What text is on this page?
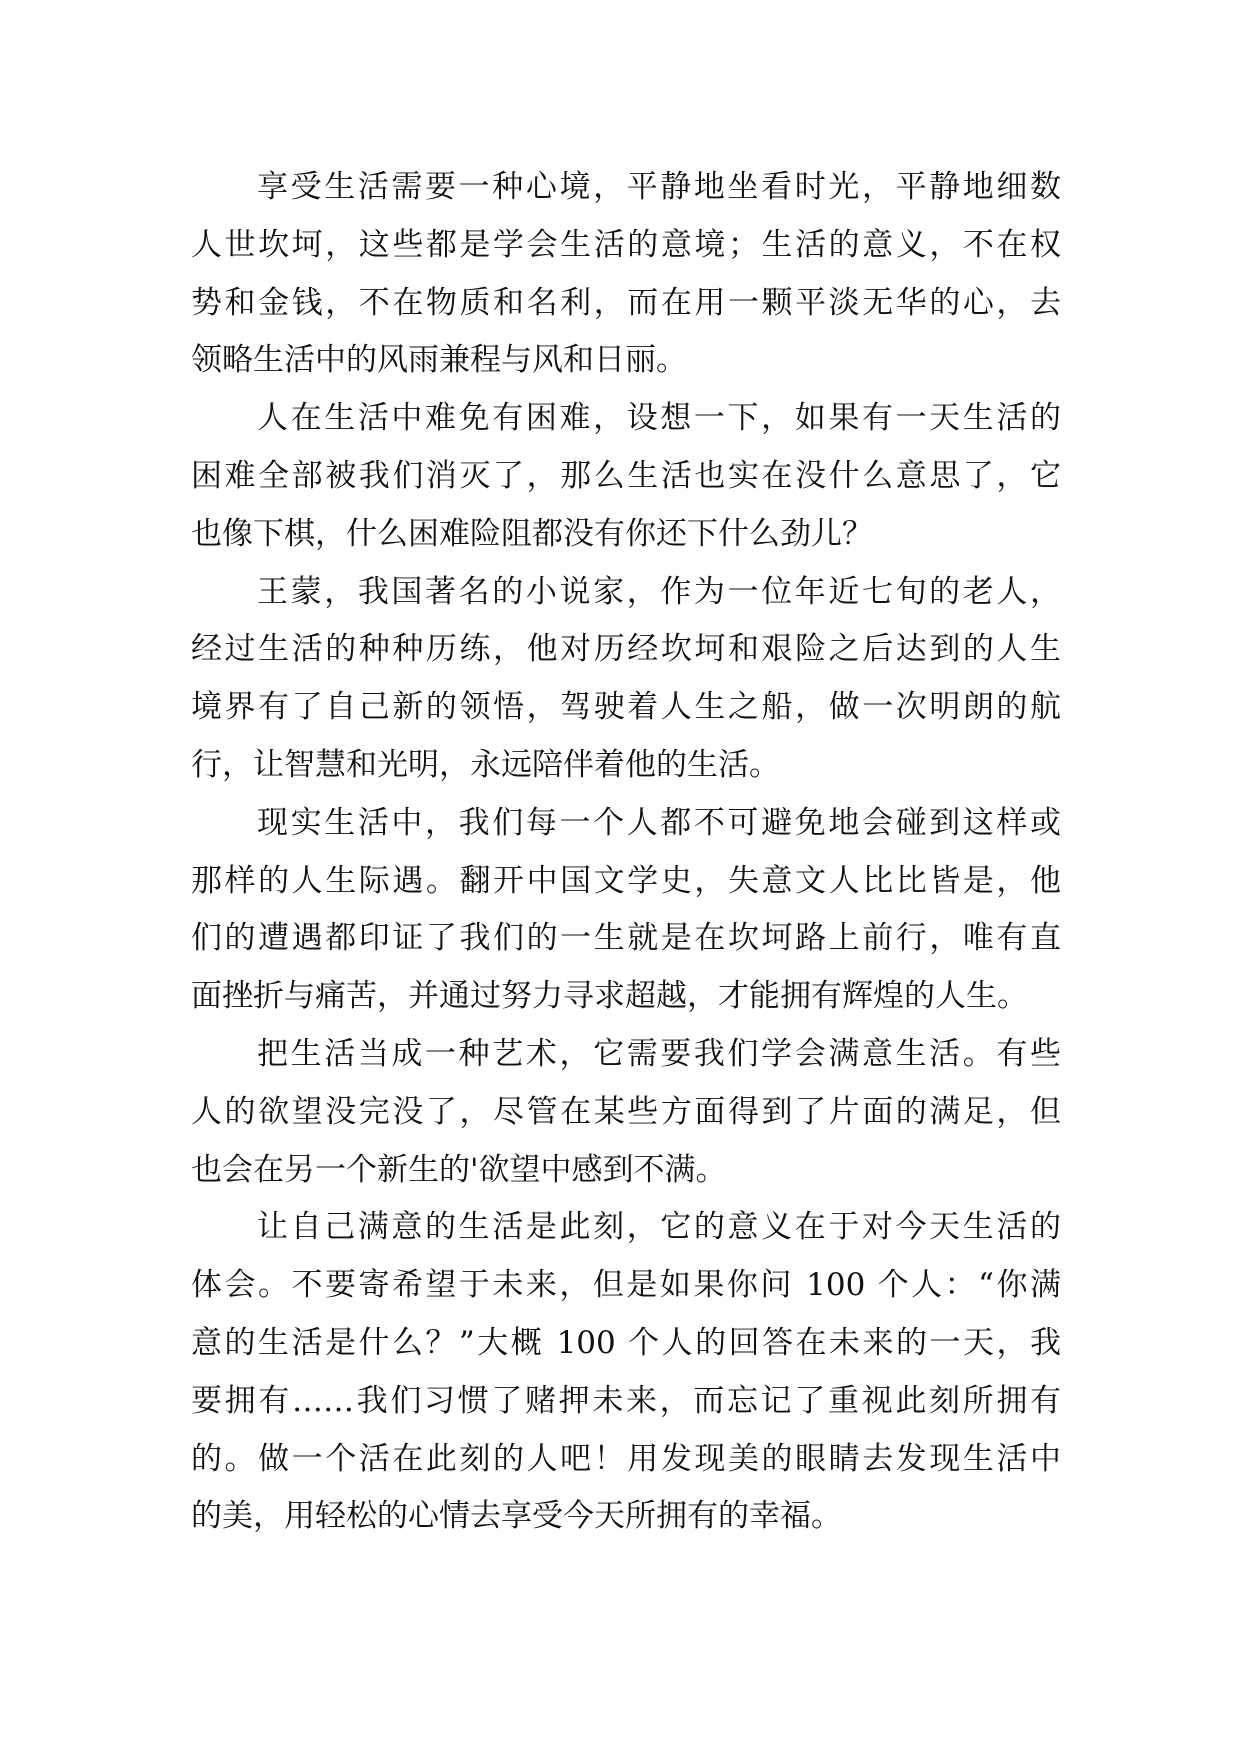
享受生活需要一种心境，平静地坐看时光，平静地细数
人世坎坷，这些都是学会生活的意境；生活的意义，不在权
势和金钱，不在物质和名利，而在用一颗平淡无华的心，去
领略生活中的风雨兼程与风和日丽。
人在生活中难免有困难，设想一下，如果有一天生活的
困难全部被我们消灭了，那么生活也实在没什么意思了，它
也像下棋，什么困难险阻都没有你还下什么劲儿？
王蒙，我国著名的小说家，作为一位年近七旬的老人，
经过生活的种种历练，他对历经坎坷和艰险之后达到的人生
境界有了自己新的领悟，驾驶着人生之船，做一次明朗的航
行，让智慧和光明，永远陪伴着他的生活。
现实生活中，我们每一个人都不可避免地会碰到这样或
那样的人生际遇。翻开中国文学史，失意文人比比皆是，他
们的遭遇都印证了我们的一生就是在坎坷路上前行，唯有直
面挫折与痛苦，并通过努力寻求超越，才能拥有辉煌的人生。
把生活当成一种艺术，它需要我们学会满意生活。有些
人的欲望没完没了，尽管在某些方面得到了片面的满足，但
也会在另一个新生的'欲望中感到不满。
让自己满意的生活是此刻，它的意义在于对今天生活的
体会。不要寄希望于未来，但是如果你问 100 个人：“你满
意的生活是什么？”大概 100 个人的回答在未来的一天，我
要拥有……我们习惯了赌押未来，而忘记了重视此刻所拥有
的。做一个活在此刻的人吧！用发现美的眼睛去发现生活中
的美，用轻松的心情去享受今天所拥有的幸福。
